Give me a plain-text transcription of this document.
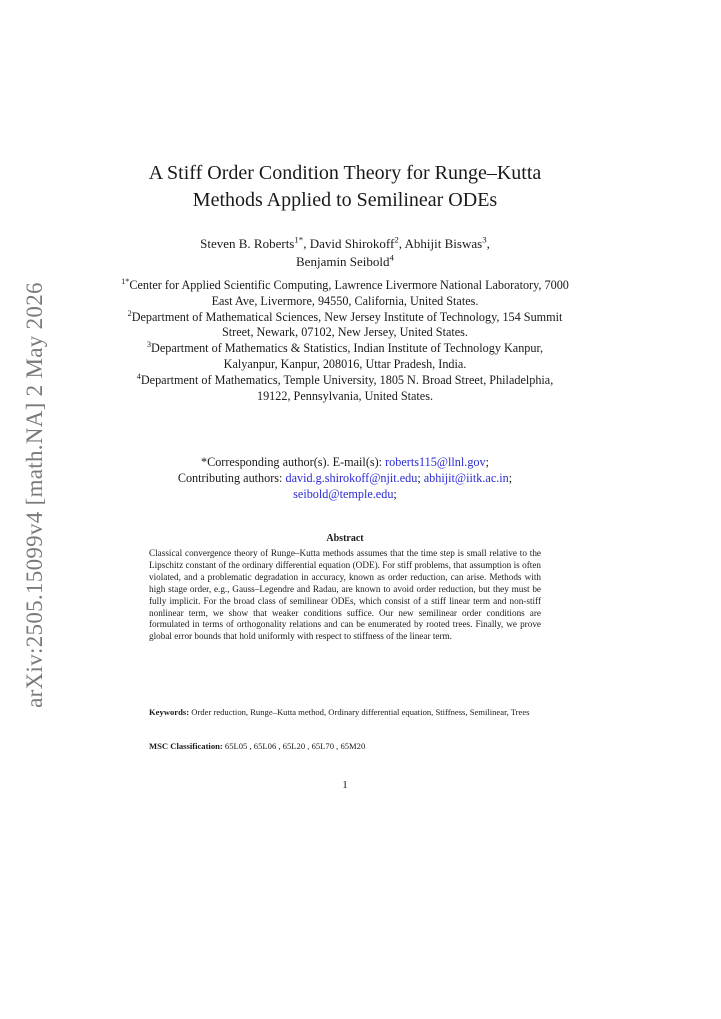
arXiv:2505.15099v4 [math.NA] 2 May 2026
A Stiff Order Condition Theory for Runge–Kutta
Methods Applied to Semilinear ODEs
Steven B. Roberts$^{1*}$, David Shirokoff$^2$, Abhijit Biswas$^3$,
Benjamin Seibold$^4$
$^{1*}$Center for Applied Scientific Computing, Lawrence Livermore National Laboratory, 7000 East Ave, Livermore, 94550, California, United States.
$^2$Department of Mathematical Sciences, New Jersey Institute of Technology, 154 Summit Street, Newark, 07102, New Jersey, United States.
$^3$Department of Mathematics & Statistics, Indian Institute of Technology Kanpur, Kalyanpur, Kanpur, 208016, Uttar Pradesh, India.
$^4$Department of Mathematics, Temple University, 1805 N. Broad Street, Philadelphia, 19122, Pennsylvania, United States.
*Corresponding author(s). E-mail(s): roberts115@llnl.gov;
Contributing authors: david.g.shirokoff@njit.edu; abhijit@iitk.ac.in;
seibold@temple.edu;
Abstract
Classical convergence theory of Runge–Kutta methods assumes that the time step is small relative to the Lipschitz constant of the ordinary differential equation (ODE). For stiff problems, that assumption is often violated, and a problematic degradation in accuracy, known as order reduction, can arise. Methods with high stage order, e.g., Gauss–Legendre and Radau, are known to avoid order reduction, but they must be fully implicit. For the broad class of semilinear ODEs, which consist of a stiff linear term and non-stiff nonlinear term, we show that weaker conditions suffice. Our new semilinear order conditions are formulated in terms of orthogonality relations and can be enumerated by rooted trees. Finally, we prove global error bounds that hold uniformly with respect to stiffness of the linear term.
Keywords: Order reduction, Runge–Kutta method, Ordinary differential equation, Stiffness, Semilinear, Trees
MSC Classification: 65L05 , 65L06 , 65L20 , 65L70 , 65M20
1
